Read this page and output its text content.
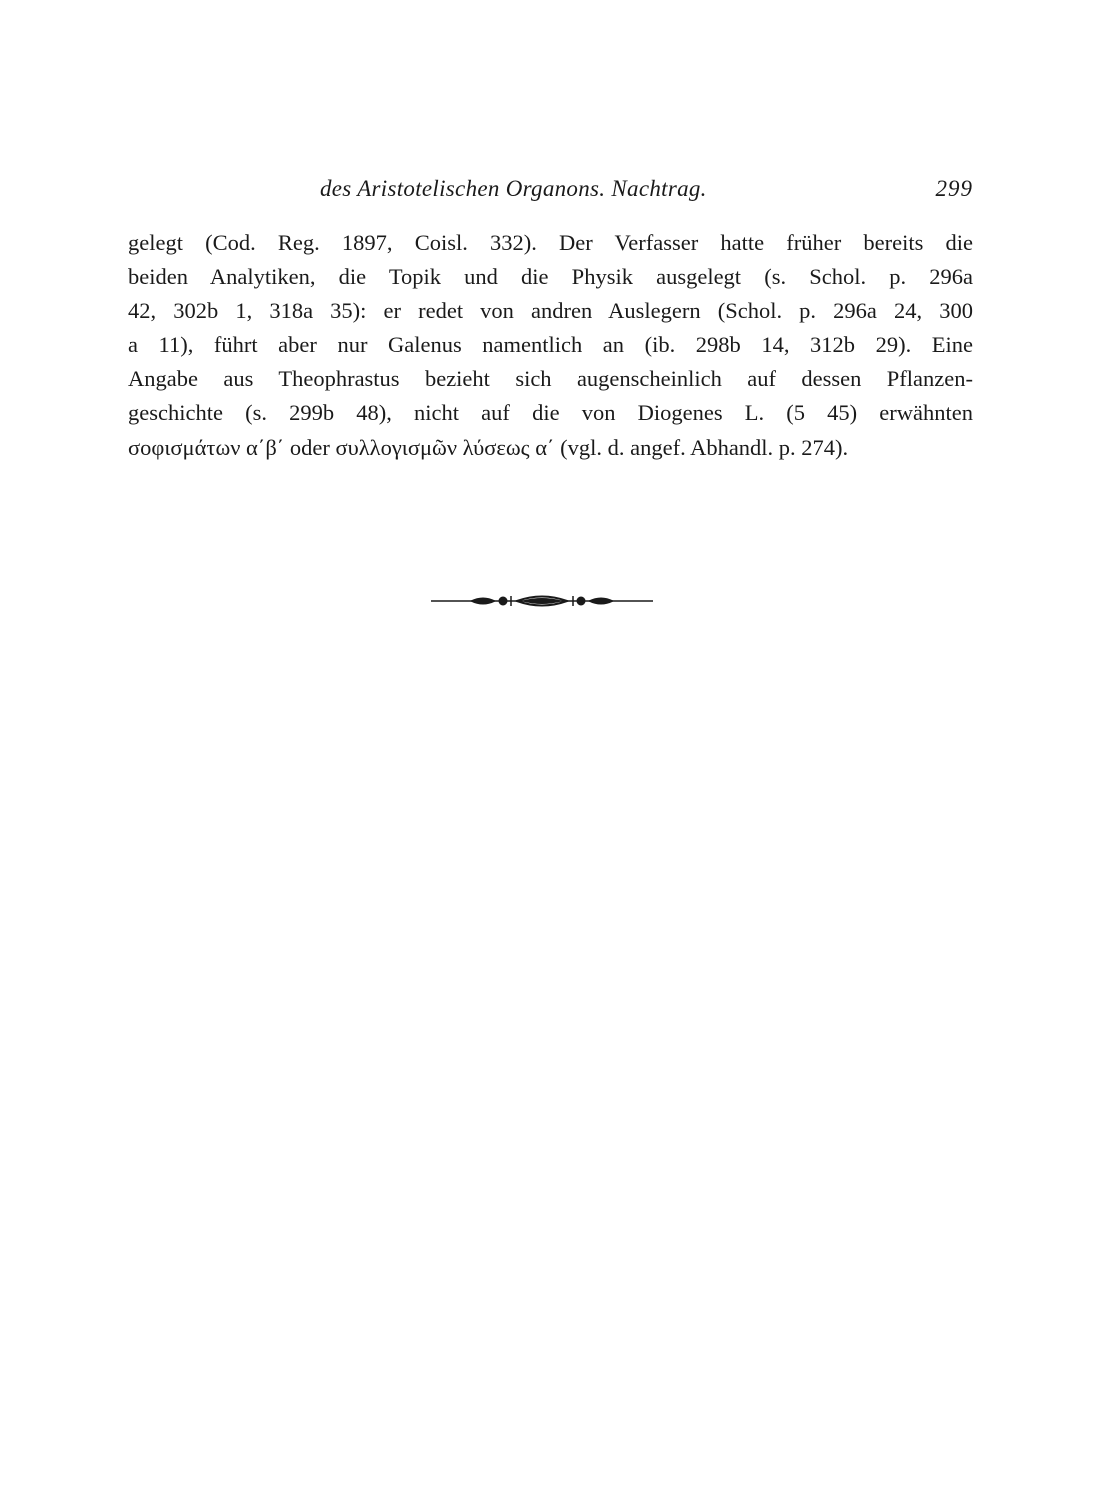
des Aristotelischen Organons. Nachtrag.	299
gelegt (Cod. Reg. 1897, Coisl. 332). Der Verfasser hatte früher bereits die
beiden Analytiken, die Topik und die Physik ausgelegt (s. Schol. p. 296a
42, 302b 1, 318a 35): er redet von andren Auslegern (Schol. p. 296a 24, 300
a 11), führt aber nur Galenus namentlich an (ib. 298b 14, 312b 29). Eine
Angabe aus Theophrastus bezieht sich augenscheinlich auf dessen Pflanzen-
geschichte (s. 299b 48), nicht auf die von Diogenes L. (5 45) erwähnten
σοφισμάτων α΄β΄ oder συλλογισμῶν λύσεως α΄ (vgl. d. angef. Abhandl. p. 274).
